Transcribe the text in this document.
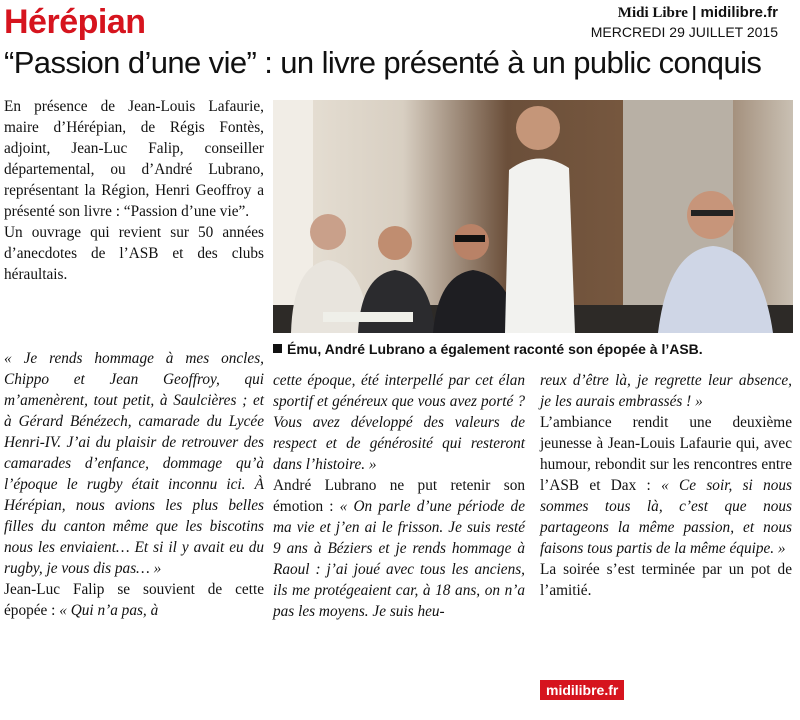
Hérépian	Midi Libre | midilibre.fr
MERCREDI 29 JUILLET 2015
“Passion d’une vie” : un livre présenté à un public conquis
Ému, André Lubrano a également raconté son épopée à l’ASB.

En présence de Jean-Louis Lafaurie, maire d’Hérépian, de Régis Fontès, adjoint, Jean-Luc Falip, conseiller départemental, ou d’André Lubrano, représentant la Région, Henri Geoffroy a présenté son livre : “Passion d’une vie”.

Un ouvrage qui revient sur 50 années d’anecdotes de l’ASB et des clubs héraultais.

« Je rends hommage à mes oncles, Chippo et Jean Geoffroy, qui m’amenèrent, tout petit, à Saulcières ; et à Gérard Bénézech, camarade du Lycée Henri-IV. J’ai du plaisir de retrouver des camarades d’enfance, dommage qu’à l’époque le rugby était inconnu ici. À Hérépian, nous avions les plus belles filles du canton même que les biscotins nous les enviaient… Et si il y avait eu du rugby, je vous dis pas… »

Jean-Luc Falip se souvient de cette épopée : « Qui n’a pas, à

cette époque, été interpellé par cet élan sportif et généreux que vous avez porté ? Vous avez développé des valeurs de respect et de générosité qui resteront dans l’histoire. »

André Lubrano ne put retenir son émotion : « On parle d’une période de ma vie et j’en ai le frisson. Je suis resté 9 ans à Béziers et je rends hommage à Raoul : j’ai joué avec tous les anciens, ils me protégeaient car, à 18 ans, on n’a pas les moyens. Je suis heu-

reux d’être là, je regrette leur absence, je les aurais embrassés ! »

L’ambiance rendit une deuxième jeunesse à Jean-Louis Lafaurie qui, avec humour, rebondit sur les rencontres entre l’ASB et Dax : « Ce soir, si nous sommes tous là, c’est que nous partageons la même passion, et nous faisons tous partis de la même équipe. »

La soirée s’est terminée par un pot de l’amitié.

midilibre.fr
